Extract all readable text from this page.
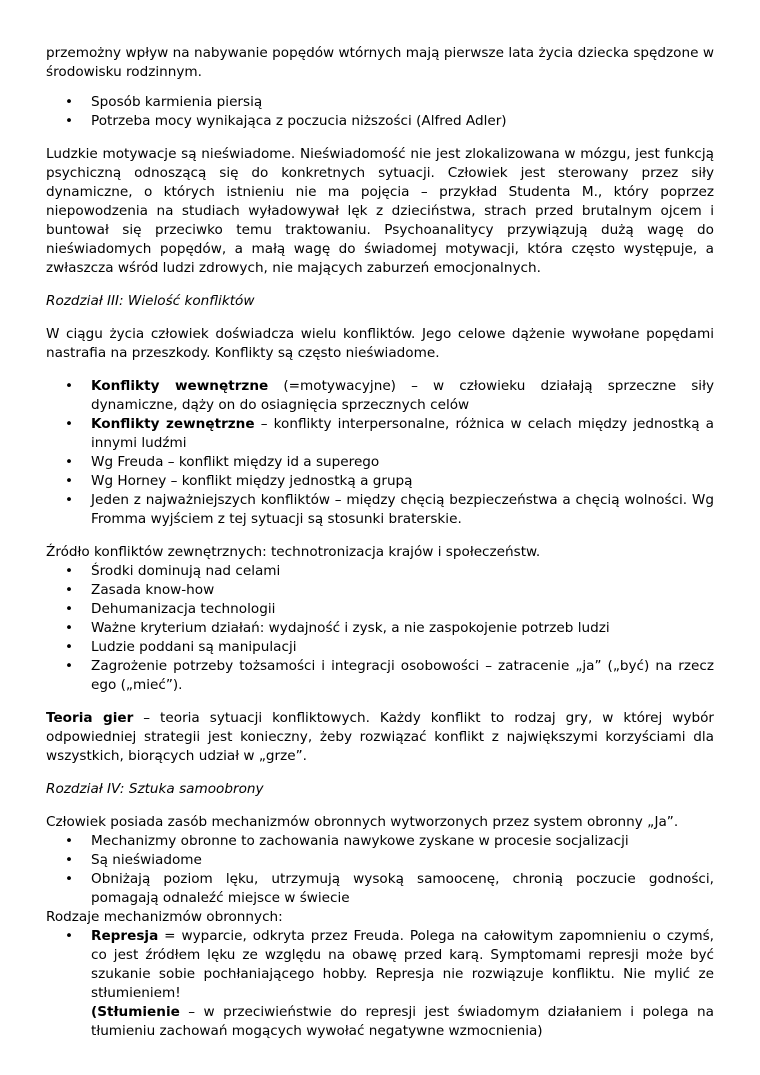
przemożny wpływ na nabywanie popędów wtórnych mają pierwsze lata życia dziecka spędzone w środowisku rodzinnym.

• Sposób karmienia piersią
• Potrzeba mocy wynikająca z poczucia niższości (Alfred Adler)

Ludzkie motywacje są nieświadome. Nieświadomość nie jest zlokalizowana w mózgu, jest funkcją psychiczną odnoszącą się do konkretnych sytuacji. Człowiek jest sterowany przez siły dynamiczne, o których istnieniu nie ma pojęcia – przykład Studenta M., który poprzez niepowodzenia na studiach wyładowywał lęk z dzieciństwa, strach przed brutalnym ojcem i buntował się przeciwko temu traktowaniu. Psychoanalitycy przywiązują dużą wagę do nieświadomych popędów, a małą wagę do świadomej motywacji, która często występuje, a zwłaszcza wśród ludzi zdrowych, nie mających zaburzeń emocjonalnych.

Rozdział III: Wielość konfliktów

W ciągu życia człowiek doświadcza wielu konfliktów. Jego celowe dążenie wywołane popędami nastrafia na przeszkody. Konflikty są często nieświadome.

• Konflikty wewnętrzne (=motywacyjne) – w człowieku działają sprzeczne siły dynamiczne, dąży on do osiagnięcia sprzecznych celów
• Konflikty zewnętrzne – konflikty interpersonalne, różnica w celach między jednostką a innymi ludźmi
• Wg Freuda – konflikt między id a superego
• Wg Horney – konflikt między jednostką a grupą
• Jeden z najważniejszych konfliktów – między chęcią bezpieczeństwa a chęcią wolności. Wg Fromma wyjściem z tej sytuacji są stosunki braterskie.

Źródło konfliktów zewnętrznych: technotronizacja krajów i społeczeństw.

• Środki dominują nad celami
• Zasada know-how
• Dehumanizacja technologii
• Ważne kryterium działań: wydajność i zysk, a nie zaspokojenie potrzeb ludzi
• Ludzie poddani są manipulacji
• Zagrożenie potrzeby tożsamości i integracji osobowości – zatracenie „ja” („być) na rzecz ego („mieć”).

Teoria gier – teoria sytuacji konfliktowych. Każdy konflikt to rodzaj gry, w której wybór odpowiedniej strategii jest konieczny, żeby rozwiązać konflikt z największymi korzyściami dla wszystkich, biorących udział w „grze”.

Rozdział IV: Sztuka samoobrony

Człowiek posiada zasób mechanizmów obronnych wytworzonych przez system obronny „Ja”.

• Mechanizmy obronne to zachowania nawykowe zyskane w procesie socjalizacji
• Są nieświadome
• Obniżają poziom lęku, utrzymują wysoką samoocenę, chronią poczucie godności, pomagają odnaleźć miejsce w świecie

Rodzaje mechanizmów obronnych:

• Represja = wyparcie, odkryta przez Freuda. Polega na całowitym zapomnieniu o czymś, co jest źródłem lęku ze względu na obawę przed karą. Symptomami represji może być szukanie sobie pochłaniającego hobby. Represja nie rozwiązuje konfliktu. Nie mylić ze stłumieniem!
(Stłumienie – w przeciwieństwie do represji jest świadomym działaniem i polega na tłumieniu zachowań mogących wywołać negatywne wzmocnienia)
